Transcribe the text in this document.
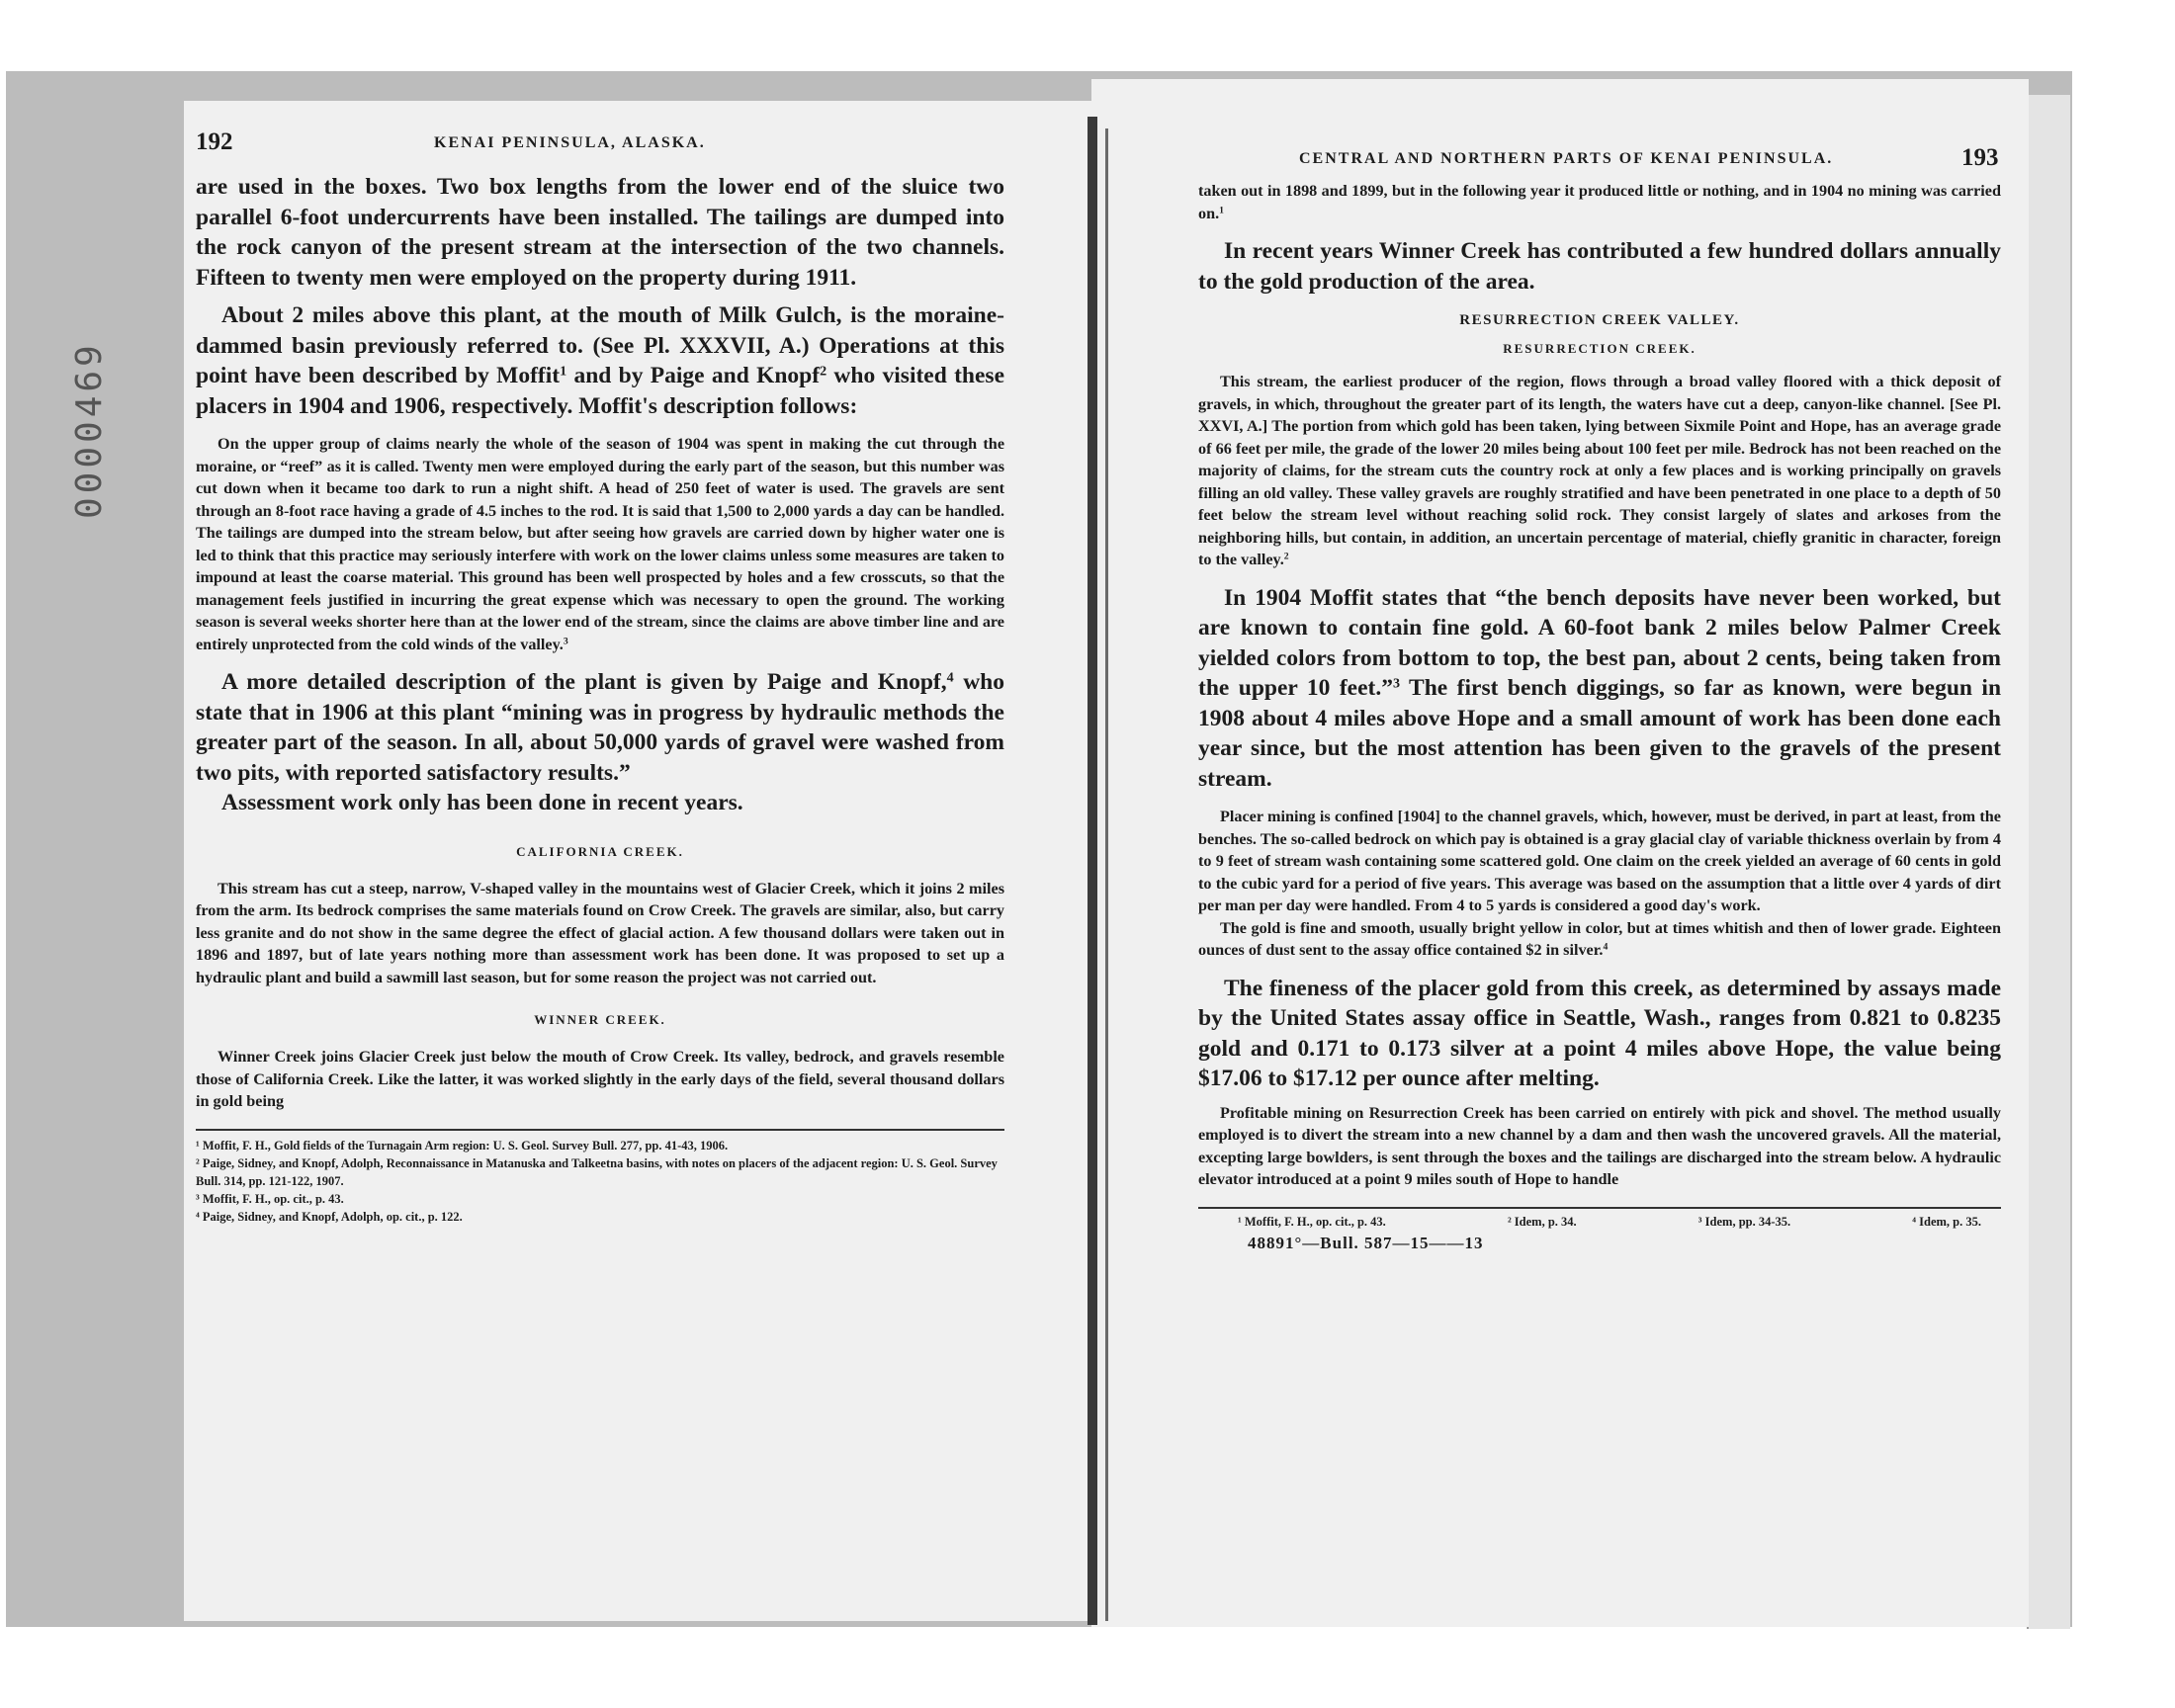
0000469
192	KENAI PENINSULA, ALASKA.

are used in the boxes. Two box lengths from the lower end of the sluice two parallel 6-foot undercurrents have been installed. The tailings are dumped into the rock canyon of the present stream at the intersection of the two channels. Fifteen to twenty men were employed on the property during 1911.

About 2 miles above this plant, at the mouth of Milk Gulch, is the moraine-dammed basin previously referred to. (See Pl. XXXVII, A.) Operations at this point have been described by Moffit$^1$ and by Paige and Knopf$^2$ who visited these placers in 1904 and 1906, respectively. Moffit's description follows:

On the upper group of claims nearly the whole of the season of 1904 was spent in making the cut through the moraine, or “reef” as it is called. Twenty men were employed during the early part of the season, but this number was cut down when it became too dark to run a night shift. A head of 250 feet of water is used. The gravels are sent through an 8-foot race having a grade of 4.5 inches to the rod. It is said that 1,500 to 2,000 yards a day can be handled. The tailings are dumped into the stream below, but after seeing how gravels are carried down by higher water one is led to think that this practice may seriously interfere with work on the lower claims unless some measures are taken to impound at least the coarse material. This ground has been well prospected by holes and a few crosscuts, so that the management feels justified in incurring the great expense which was necessary to open the ground. The working season is several weeks shorter here than at the lower end of the stream, since the claims are above timber line and are entirely unprotected from the cold winds of the valley.$^3$

A more detailed description of the plant is given by Paige and Knopf,$^4$ who state that in 1906 at this plant “mining was in progress by hydraulic methods the greater part of the season. In all, about 50,000 yards of gravel were washed from two pits, with reported satisfactory results.”

Assessment work only has been done in recent years.

CALIFORNIA CREEK.

This stream has cut a steep, narrow, V-shaped valley in the mountains west of Glacier Creek, which it joins 2 miles from the arm. Its bedrock comprises the same materials found on Crow Creek. The gravels are similar, also, but carry less granite and do not show in the same degree the effect of glacial action. A few thousand dollars were taken out in 1896 and 1897, but of late years nothing more than assessment work has been done. It was proposed to set up a hydraulic plant and build a sawmill last season, but for some reason the project was not carried out.

WINNER CREEK.

Winner Creek joins Glacier Creek just below the mouth of Crow Creek. Its valley, bedrock, and gravels resemble those of California Creek. Like the latter, it was worked slightly in the early days of the field, several thousand dollars in gold being

¹ Moffit, F. H., Gold fields of the Turnagain Arm region: U. S. Geol. Survey Bull. 277, pp. 41-43, 1906.
² Paige, Sidney, and Knopf, Adolph, Reconnaissance in Matanuska and Talkeetna basins, with notes on placers of the adjacent region: U. S. Geol. Survey Bull. 314, pp. 121-122, 1907.
³ Moffit, F. H., op. cit., p. 43.
⁴ Paige, Sidney, and Knopf, Adolph, op. cit., p. 122.
CENTRAL AND NORTHERN PARTS OF KENAI PENINSULA.	193

taken out in 1898 and 1899, but in the following year it produced little or nothing, and in 1904 no mining was carried on.$^1$

In recent years Winner Creek has contributed a few hundred dollars annually to the gold production of the area.

RESURRECTION CREEK VALLEY.
RESURRECTION CREEK.

This stream, the earliest producer of the region, flows through a broad valley floored with a thick deposit of gravels, in which, throughout the greater part of its length, the waters have cut a deep, canyon-like channel. [See Pl. XXVI, A.] The portion from which gold has been taken, lying between Sixmile Point and Hope, has an average grade of 66 feet per mile, the grade of the lower 20 miles being about 100 feet per mile. Bedrock has not been reached on the majority of claims, for the stream cuts the country rock at only a few places and is working principally on gravels filling an old valley. These valley gravels are roughly stratified and have been penetrated in one place to a depth of 50 feet below the stream level without reaching solid rock. They consist largely of slates and arkoses from the neighboring hills, but contain, in addition, an uncertain percentage of material, chiefly granitic in character, foreign to the valley.$^2$

In 1904 Moffit states that “the bench deposits have never been worked, but are known to contain fine gold. A 60-foot bank 2 miles below Palmer Creek yielded colors from bottom to top, the best pan, about 2 cents, being taken from the upper 10 feet.”$^3$ The first bench diggings, so far as known, were begun in 1908 about 4 miles above Hope and a small amount of work has been done each year since, but the most attention has been given to the gravels of the present stream.

Placer mining is confined [1904] to the channel gravels, which, however, must be derived, in part at least, from the benches. The so-called bedrock on which pay is obtained is a gray glacial clay of variable thickness overlain by from 4 to 9 feet of stream wash containing some scattered gold. One claim on the creek yielded an average of 60 cents in gold to the cubic yard for a period of five years. This average was based on the assumption that a little over 4 yards of dirt per man per day were handled. From 4 to 5 yards is considered a good day's work.

The gold is fine and smooth, usually bright yellow in color, but at times whitish and then of lower grade. Eighteen ounces of dust sent to the assay office contained $2 in silver.$^4$

The fineness of the placer gold from this creek, as determined by assays made by the United States assay office in Seattle, Wash., ranges from 0.821 to 0.8235 gold and 0.171 to 0.173 silver at a point 4 miles above Hope, the value being $17.06 to $17.12 per ounce after melting.

Profitable mining on Resurrection Creek has been carried on entirely with pick and shovel. The method usually employed is to divert the stream into a new channel by a dam and then wash the uncovered gravels. All the material, excepting large bowlders, is sent through the boxes and the tailings are discharged into the stream below. A hydraulic elevator introduced at a point 9 miles south of Hope to handle

¹ Moffit, F. H., op. cit., p. 43.	² Idem, p. 34.	³ Idem, pp. 34-35.	⁴ Idem, p. 35.
48891°—Bull. 587—15——13
